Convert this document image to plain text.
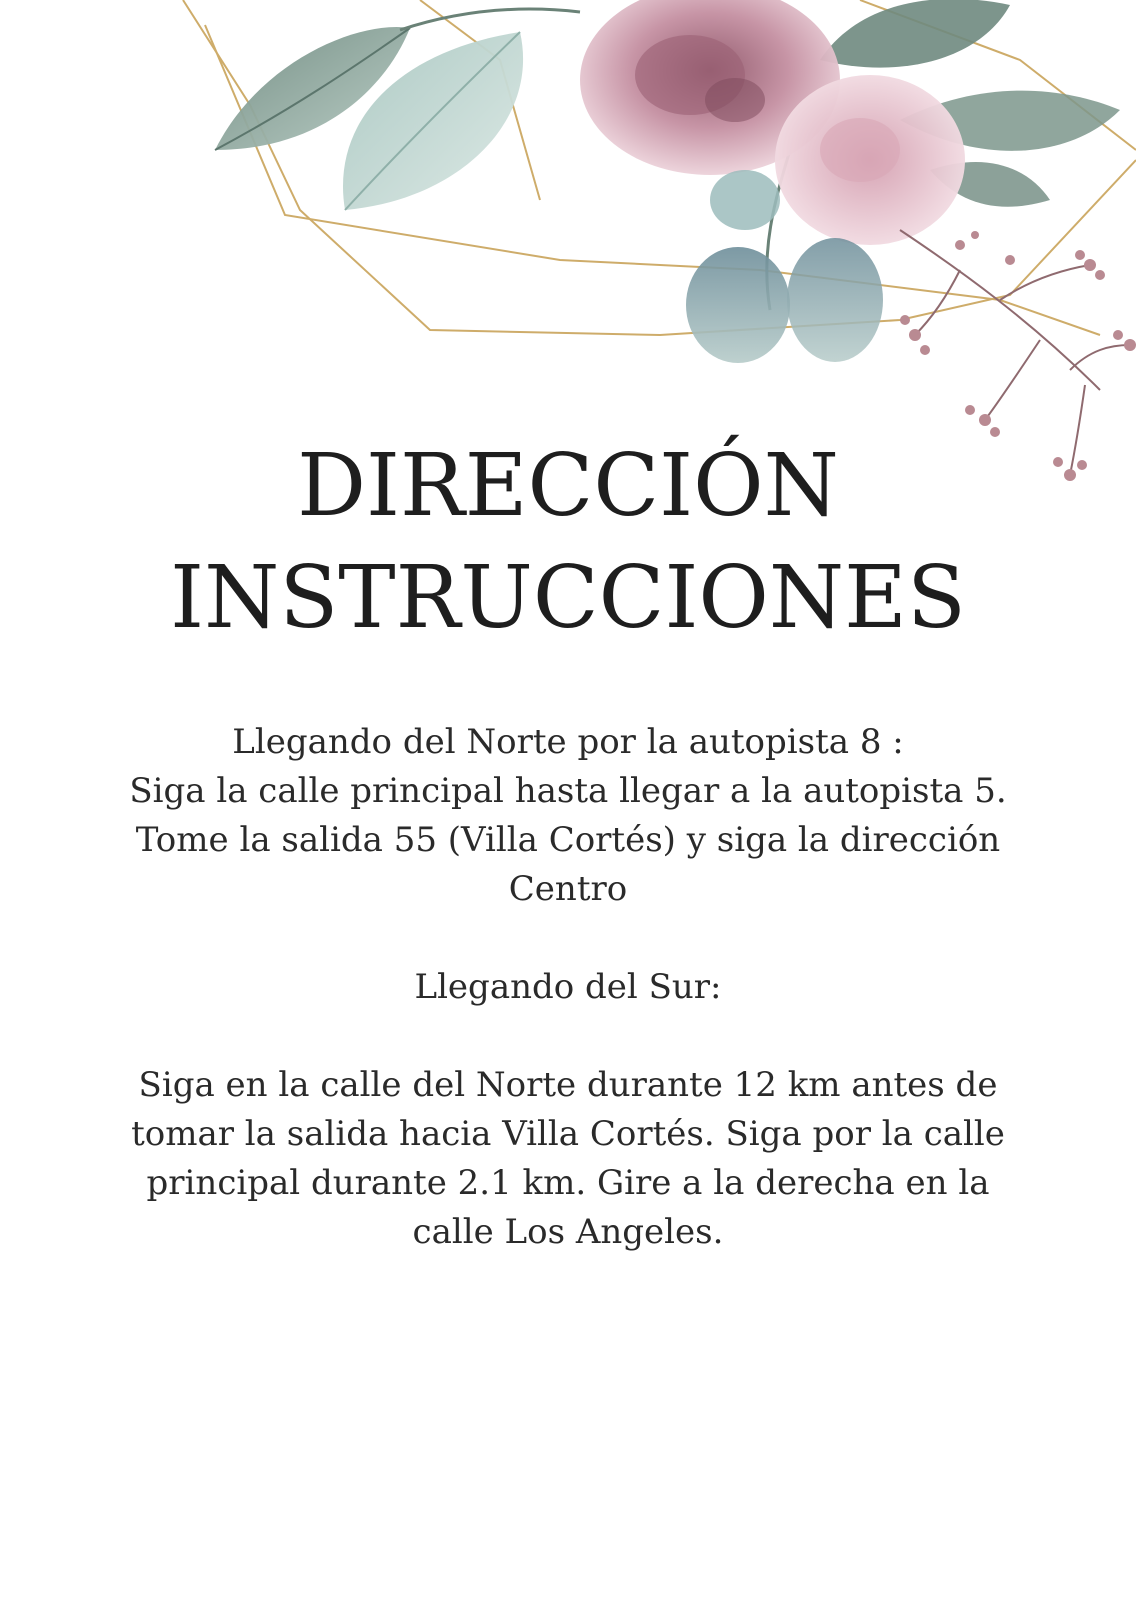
DIRECCIÓN
INSTRUCCIONES

Llegando del Norte por la autopista 8 :

Siga la calle principal hasta llegar a la autopista 5.

Tome la salida 55 (Villa Cortés) y siga la dirección

Centro

Llegando del Sur:

Siga en la calle del Norte durante 12 km antes de

tomar la salida hacia Villa Cortés. Siga por la calle

principal durante 2.1 km. Gire a la derecha en la

calle Los Angeles.
